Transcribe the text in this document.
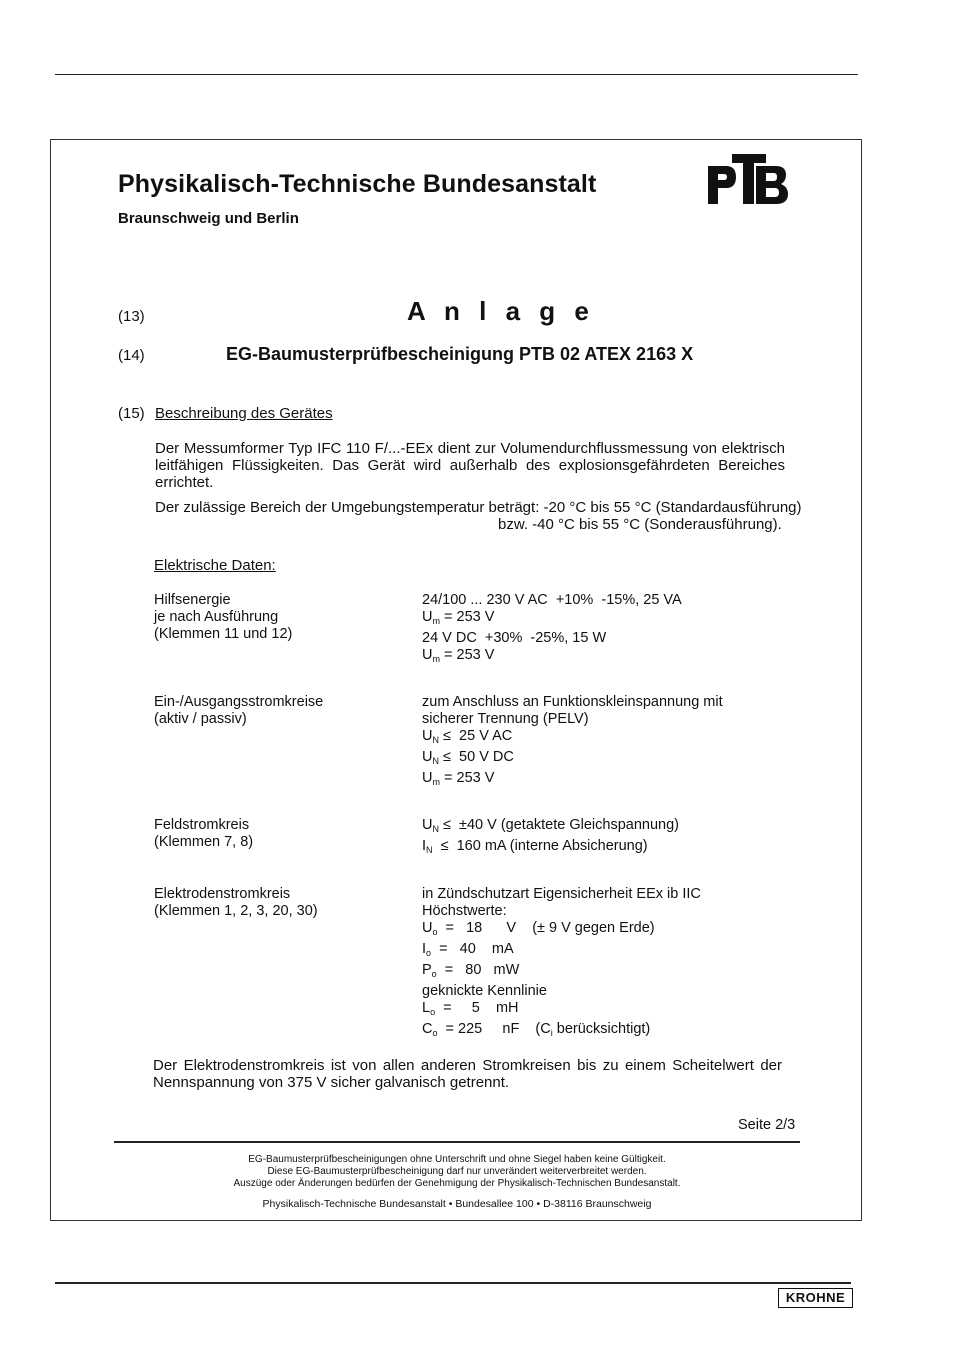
Physikalisch-Technische Bundesanstalt
Braunschweig und Berlin
(13)	A n l a g e
(14)	EG-Baumusterprüfbescheinigung PTB 02 ATEX 2163 X
(15) Beschreibung des Gerätes
Der Messumformer Typ IFC 110 F/...-EEx dient zur Volumendurchflussmessung von elektrisch leitfähigen Flüssigkeiten. Das Gerät wird außerhalb des explosionsgefährdeten Bereiches errichtet.
Der zulässige Bereich der Umgebungstemperatur beträgt: -20 °C bis 55 °C (Standardausführung)
bzw. -40 °C bis 55 °C (Sonderausführung).
Elektrische Daten:
Hilfsenergie
je nach Ausführung
(Klemmen 11 und 12)
24/100 ... 230 V AC  +10%  -15%, 25 VA
$U_m = 253$ V
24 V DC  +30%  -25%, 15 W
$U_m = 253$ V
Ein-/Ausgangsstromkreise
(aktiv / passiv)
zum Anschluss an Funktionskleinspannung mit
sicherer Trennung (PELV)
$U_N \le 25$ V AC
$U_N \le 50$ V DC
$U_m = 253$ V
Feldstromkreis
(Klemmen 7, 8)
$U_N \le \pm 40$ V (getaktete Gleichspannung)
$I_N \le 160$ mA (interne Absicherung)
Elektrodenstromkreis
(Klemmen 1, 2, 3, 20, 30)
in Zündschutzart Eigensicherheit EEx ib IIC
Höchstwerte:
$U_o = 18$      V    (± 9 V gegen Erde)
$I_o = 40$    mA
$P_o = 80$   mW
geknickte Kennlinie
$L_o$  =     5    mH
$C_o = 225$     nF    ($C_i$ berücksichtigt)
Der Elektrodenstromkreis ist von allen anderen Stromkreisen bis zu einem Scheitelwert der Nennspannung von 375 V sicher galvanisch getrennt.
Seite 2/3
EG-Baumusterprüfbescheinigungen ohne Unterschrift und ohne Siegel haben keine Gültigkeit.
Diese EG-Baumusterprüfbescheinigung darf nur unverändert weiterverbreitet werden.
Auszüge oder Änderungen bedürfen der Genehmigung der Physikalisch-Technischen Bundesanstalt.
Physikalisch-Technische Bundesanstalt • Bundesallee 100 • D-38116 Braunschweig
KROHNE
